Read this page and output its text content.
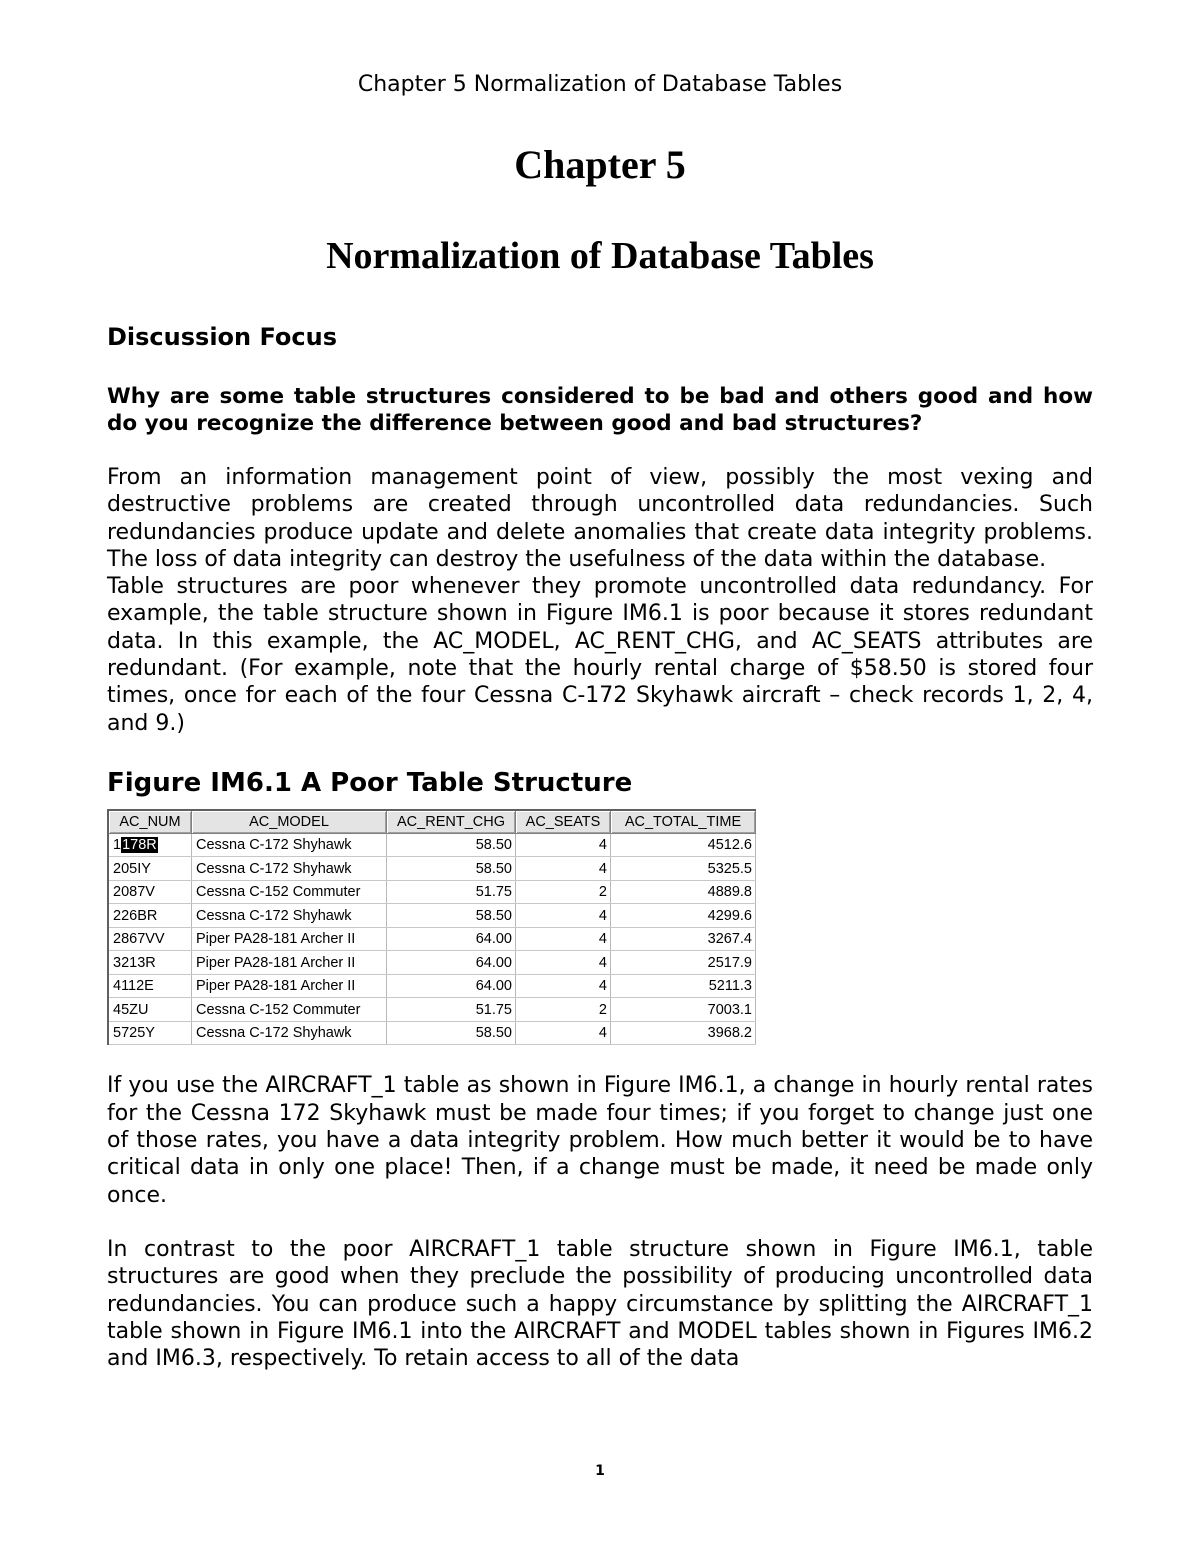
Chapter 5 Normalization of Database Tables
Chapter 5
Normalization of Database Tables
Discussion Focus

Why are some table structures considered to be bad and others good and how do you recognize the difference between good and bad structures?

From an information management point of view, possibly the most vexing and destructive problems are created through uncontrolled data redundancies. Such redundancies produce update and delete anomalies that create data integrity problems. The loss of data integrity can destroy the usefulness of the data within the database.

Table structures are poor whenever they promote uncontrolled data redundancy. For example, the table structure shown in Figure IM6.1 is poor because it stores redundant data. In this example, the AC_MODEL, AC_RENT_CHG, and AC_SEATS attributes are redundant. (For example, note that the hourly rental charge of $58.50 is stored four times, once for each of the four Cessna C-172 Skyhawk aircraft – check records 1, 2, 4, and 9.)

Figure IM6.1 A Poor Table Structure
AC_NUM	AC_MODEL	AC_RENT_CHG	AC_SEATS	AC_TOTAL_TIME
1178R	Cessna C-172 Shyhawk	58.50	4	4512.6
205IY	Cessna C-172 Shyhawk	58.50	4	5325.5
2087V	Cessna C-152 Commuter	51.75	2	4889.8
226BR	Cessna C-172 Shyhawk	58.50	4	4299.6
2867VV	Piper PA28-181 Archer II	64.00	4	3267.4
3213R	Piper PA28-181 Archer II	64.00	4	2517.9
4112E	Piper PA28-181 Archer II	64.00	4	5211.3
45ZU	Cessna C-152 Commuter	51.75	2	7003.1
5725Y	Cessna C-172 Shyhawk	58.50	4	3968.2

If you use the AIRCRAFT_1 table as shown in Figure IM6.1, a change in hourly rental rates for the Cessna 172 Skyhawk must be made four times; if you forget to change just one of those rates, you have a data integrity problem. How much better it would be to have critical data in only one place! Then, if a change must be made, it need be made only once.

In contrast to the poor AIRCRAFT_1 table structure shown in Figure IM6.1, table structures are good when they preclude the possibility of producing uncontrolled data redundancies. You can produce such a happy circumstance by splitting the AIRCRAFT_1 table shown in Figure IM6.1 into the AIRCRAFT and MODEL tables shown in Figures IM6.2 and IM6.3, respectively. To retain access to all of the data

1
